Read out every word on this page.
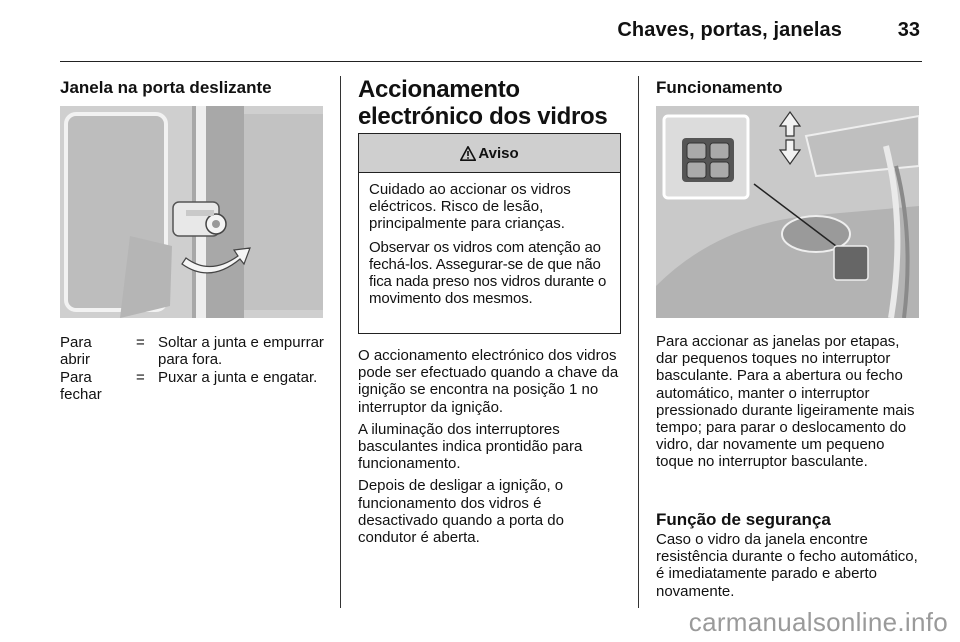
Chaves, portas, janelas	33
Janela na porta deslizante
Para abrir
= Soltar a junta e empurrar para fora.
Para fechar
= Puxar a junta e engatar.
Accionamento electrónico dos vidros
Aviso

Cuidado ao accionar os vidros eléctricos. Risco de lesão, principalmente para crianças.

Observar os vidros com atenção ao fechá-los. Assegurar-se de que não fica nada preso nos vidros durante o movimento dos mesmos.

O accionamento electrónico dos vidros pode ser efectuado quando a chave da ignição se encontra na posição 1 no interruptor da ignição.

A iluminação dos interruptores basculantes indica prontidão para funcionamento.

Depois de desligar a ignição, o funcionamento dos vidros é desactivado quando a porta do condutor é aberta.

Funcionamento

Para accionar as janelas por etapas, dar pequenos toques no interruptor basculante. Para a abertura ou fecho automático, manter o interruptor pressionado durante ligeiramente mais tempo; para parar o deslocamento do vidro, dar novamente um pequeno toque no interruptor basculante.

Função de segurança

Caso o vidro da janela encontre resistência durante o fecho automático, é imediatamente parado e aberto novamente.

carmanualsonline.info
